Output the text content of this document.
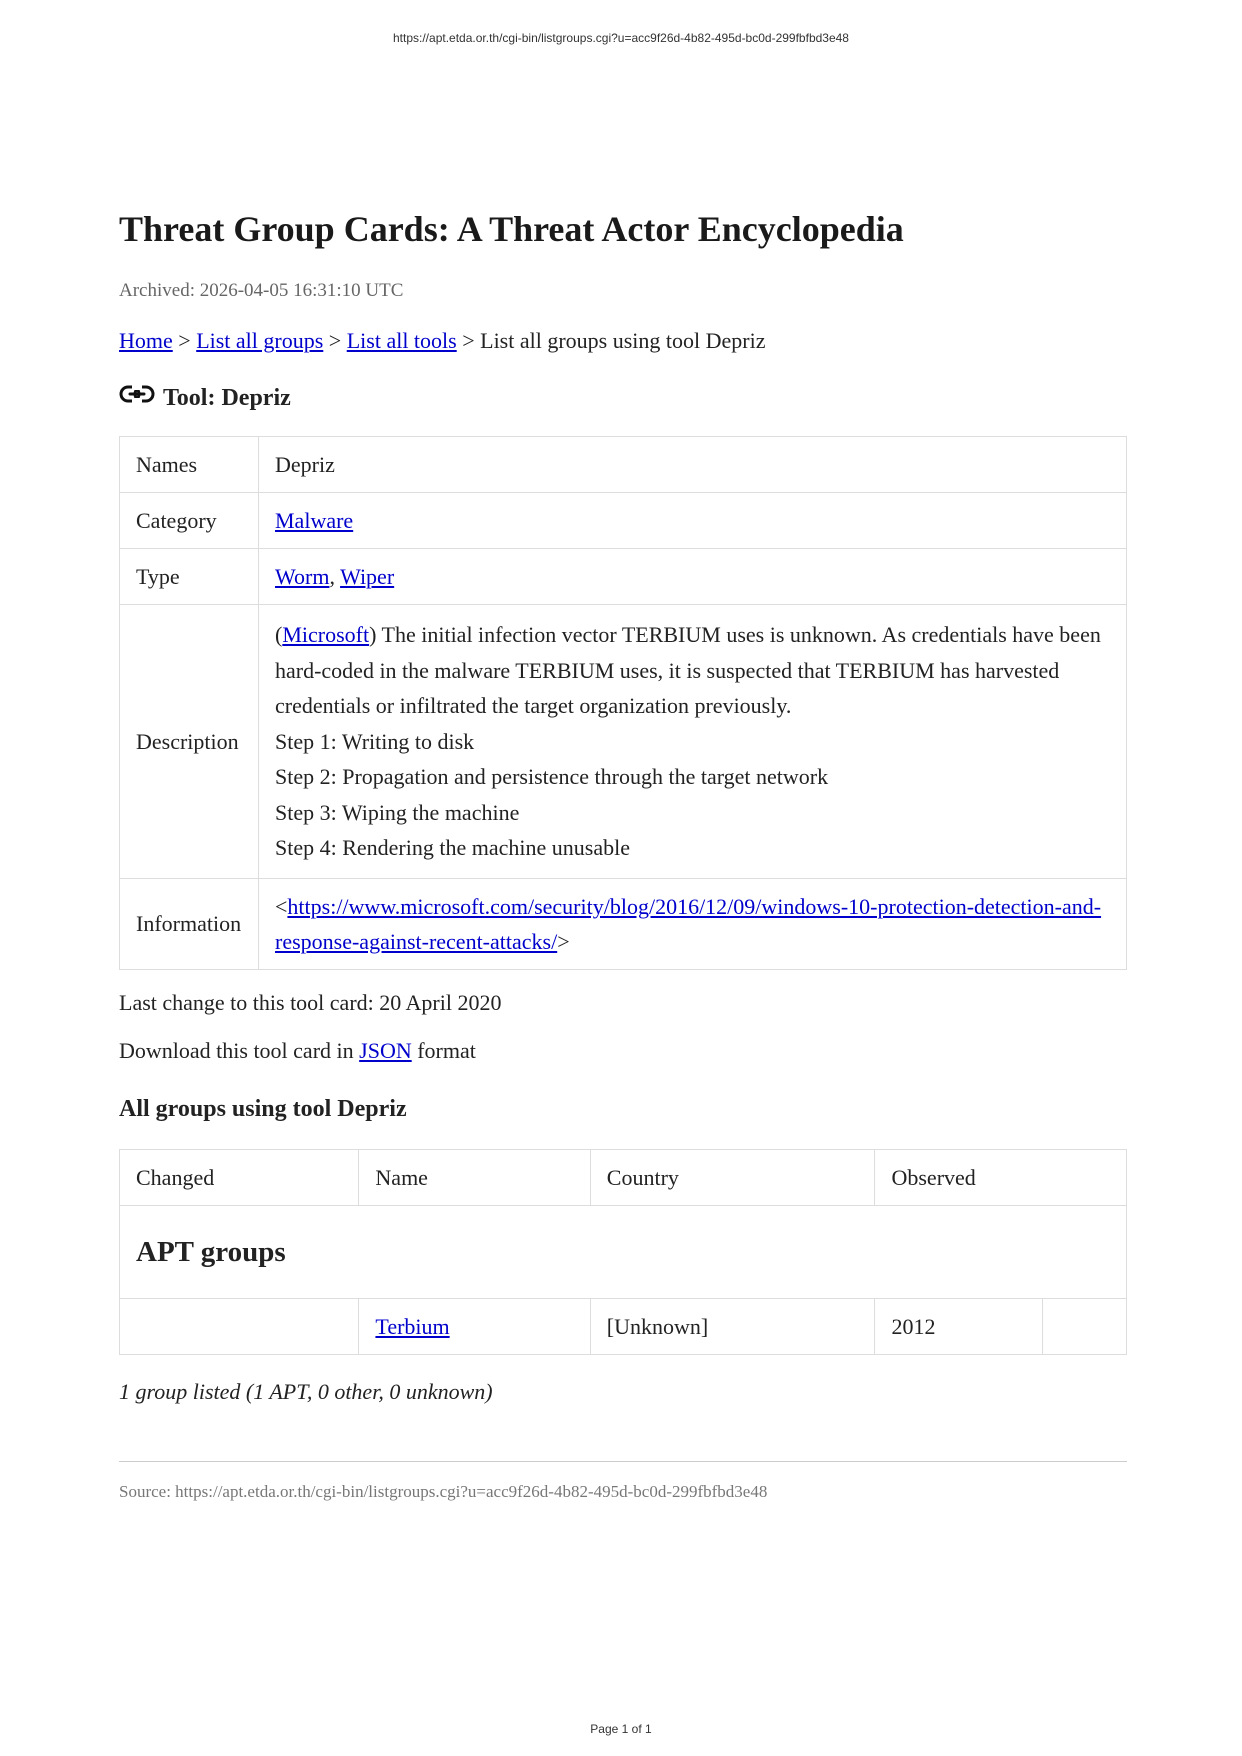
https://apt.etda.or.th/cgi-bin/listgroups.cgi?u=acc9f26d-4b82-495d-bc0d-299fbfbd3e48
Threat Group Cards: A Threat Actor Encyclopedia
Archived: 2026-04-05 16:31:10 UTC
Home > List all groups > List all tools > List all groups using tool Depriz
Tool: Depriz
Names	Depriz
Category	Malware
Type	Worm, Wiper
Description	(Microsoft) The initial infection vector TERBIUM uses is unknown. As credentials have been hard-coded in the malware TERBIUM uses, it is suspected that TERBIUM has harvested credentials or infiltrated the target organization previously.
Step 1: Writing to disk
Step 2: Propagation and persistence through the target network
Step 3: Wiping the machine
Step 4: Rendering the machine unusable

Information	<https://www.microsoft.com/security/blog/2016/12/09/windows-10-protection-detection-and-response-against-recent-attacks/>
Last change to this tool card: 20 April 2020
Download this tool card in JSON format
All groups using tool Depriz
Changed	Name	Country	Observed	
APT groups				
	Terbium	[Unknown]	2012	
1 group listed (1 APT, 0 other, 0 unknown)
Source: https://apt.etda.or.th/cgi-bin/listgroups.cgi?u=acc9f26d-4b82-495d-bc0d-299fbfbd3e48
Page 1 of 1
